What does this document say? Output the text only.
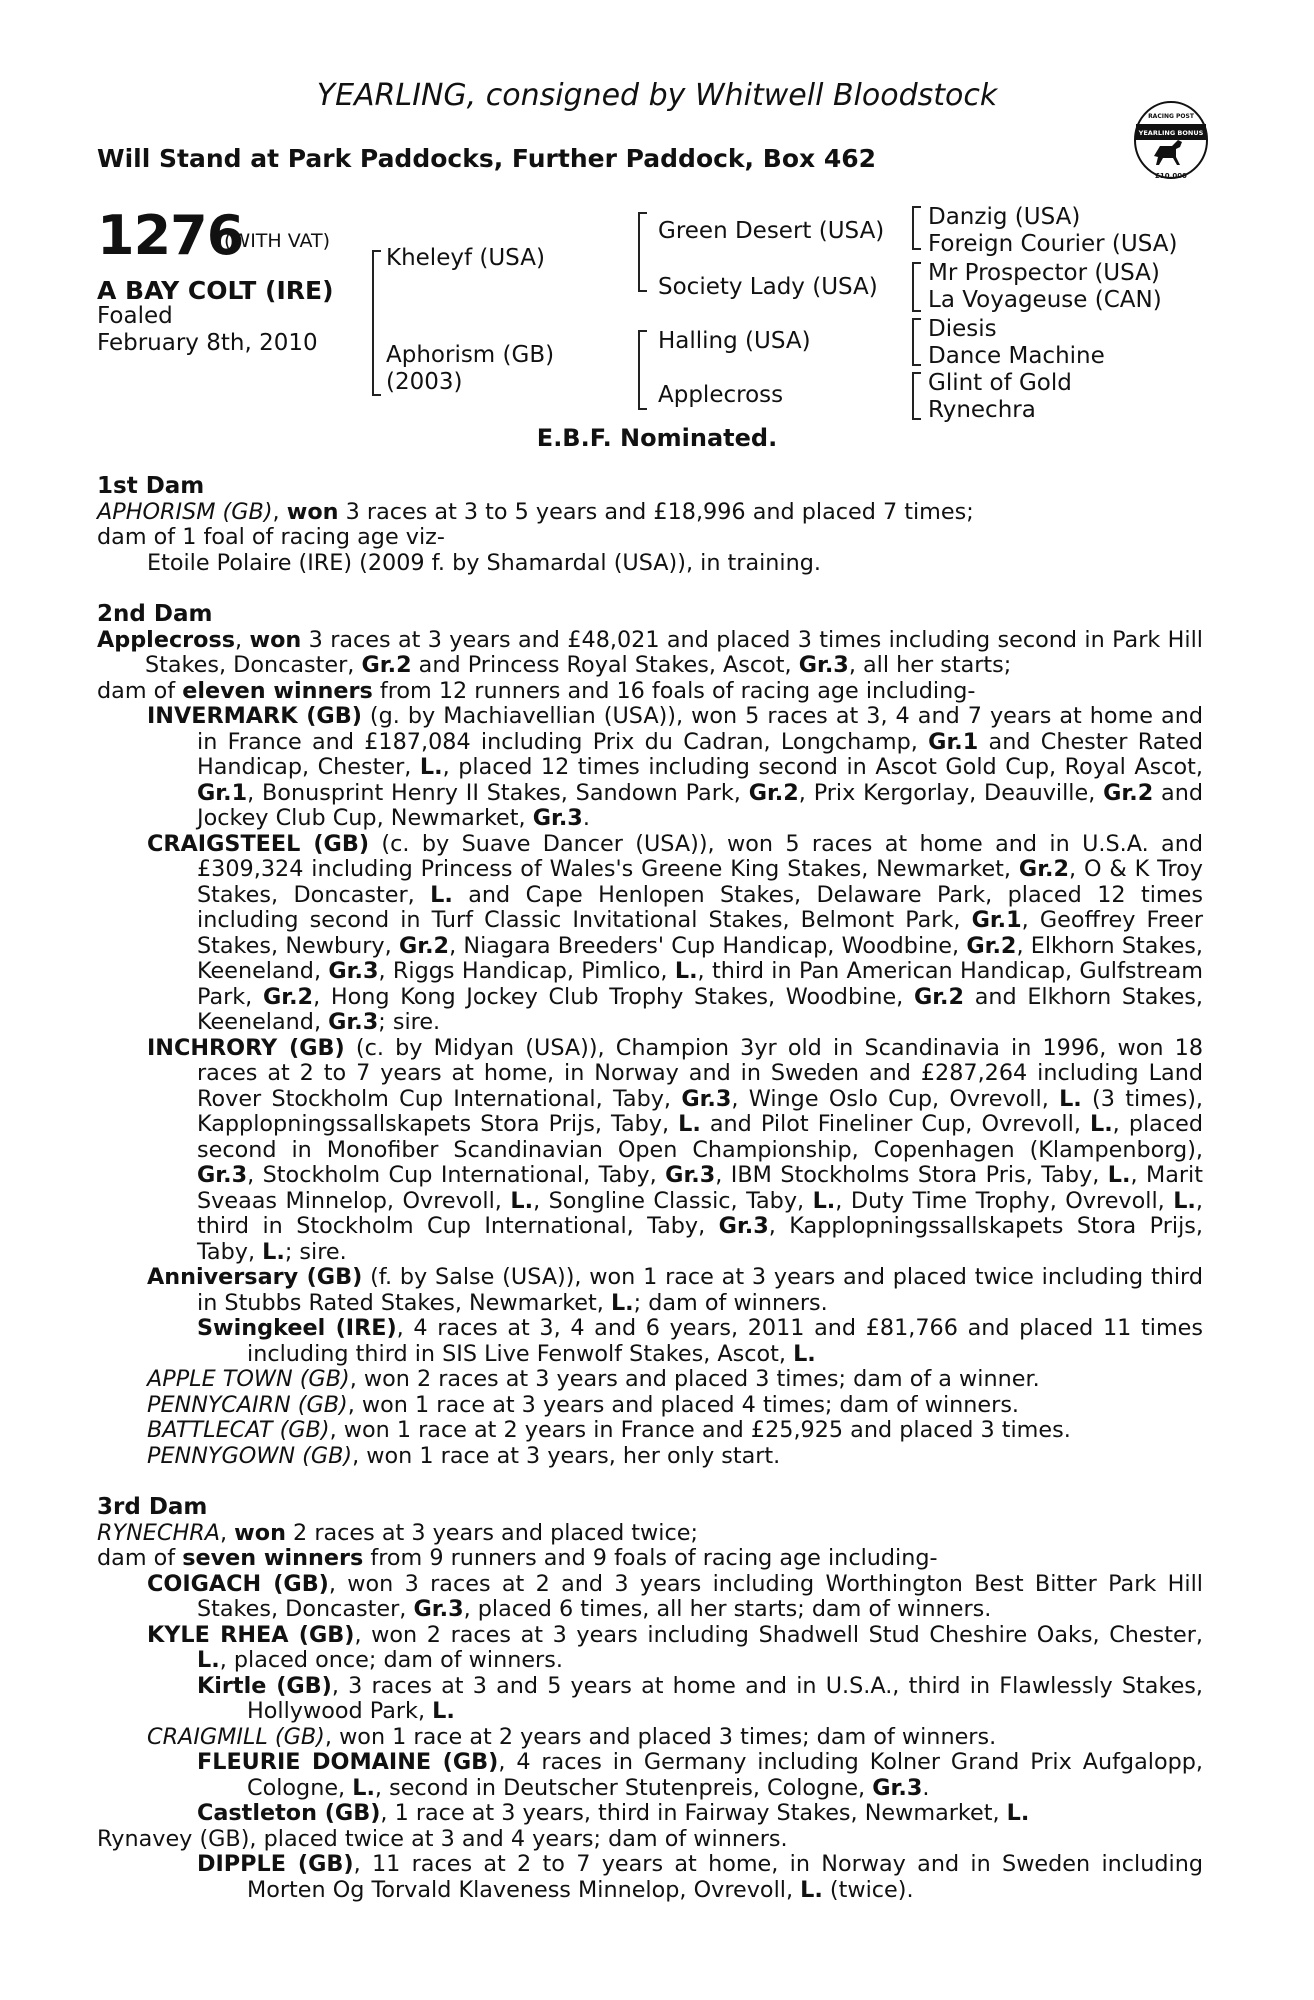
YEARLING, consigned by Whitwell Bloodstock
Will Stand at Park Paddocks, Further Paddock, Box 462
RACING POST
YEARLING BONUS
£10,000
1276
(WITH VAT)
A BAY COLT (IRE)
Foaled
February 8th, 2010
Kheleyf (USA)
Aphorism (GB)
(2003)
Green Desert (USA)
Society Lady (USA)
Halling (USA)
Applecross
Danzig (USA)
Foreign Courier (USA)
Mr Prospector (USA)
La Voyageuse (CAN)
Diesis
Dance Machine
Glint of Gold
Rynechra
E.B.F. Nominated.
1st Dam

APHORISM (GB), won 3 races at 3 to 5 years and £18,996 and placed 7 times;

dam of 1 foal of racing age viz-

Etoile Polaire (IRE) (2009 f. by Shamardal (USA)), in training.

2nd Dam

Applecross, won 3 races at 3 years and £48,021 and placed 3 times including second in Park Hill Stakes, Doncaster, Gr.2 and Princess Royal Stakes, Ascot, Gr.3, all her starts;

dam of eleven winners from 12 runners and 16 foals of racing age including-

INVERMARK (GB) (g. by Machiavellian (USA)), won 5 races at 3, 4 and 7 years at home and in France and £187,084 including Prix du Cadran, Longchamp, Gr.1 and Chester Rated Handicap, Chester, L., placed 12 times including second in Ascot Gold Cup, Royal Ascot, Gr.1, Bonusprint Henry II Stakes, Sandown Park, Gr.2, Prix Kergorlay, Deauville, Gr.2 and Jockey Club Cup, Newmarket, Gr.3.

CRAIGSTEEL (GB) (c. by Suave Dancer (USA)), won 5 races at home and in U.S.A. and £309,324 including Princess of Wales's Greene King Stakes, Newmarket, Gr.2, O & K Troy Stakes, Doncaster, L. and Cape Henlopen Stakes, Delaware Park, placed 12 times including second in Turf Classic Invitational Stakes, Belmont Park, Gr.1, Geoffrey Freer Stakes, Newbury, Gr.2, Niagara Breeders' Cup Handicap, Woodbine, Gr.2, Elkhorn Stakes, Keeneland, Gr.3, Riggs Handicap, Pimlico, L., third in Pan American Handicap, Gulfstream Park, Gr.2, Hong Kong Jockey Club Trophy Stakes, Woodbine, Gr.2 and Elkhorn Stakes, Keeneland, Gr.3; sire.

INCHRORY (GB) (c. by Midyan (USA)), Champion 3yr old in Scandinavia in 1996, won 18 races at 2 to 7 years at home, in Norway and in Sweden and £287,264 including Land Rover Stockholm Cup International, Taby, Gr.3, Winge Oslo Cup, Ovrevoll, L. (3 times), Kapplopningssallskapets Stora Prijs, Taby, L. and Pilot Fineliner Cup, Ovrevoll, L., placed second in Monofiber Scandinavian Open Championship, Copenhagen (Klampenborg), Gr.3, Stockholm Cup International, Taby, Gr.3, IBM Stockholms Stora Pris, Taby, L., Marit Sveaas Minnelop, Ovrevoll, L., Songline Classic, Taby, L., Duty Time Trophy, Ovrevoll, L., third in Stockholm Cup International, Taby, Gr.3, Kapplopningssallskapets Stora Prijs, Taby, L.; sire.

Anniversary (GB) (f. by Salse (USA)), won 1 race at 3 years and placed twice including third in Stubbs Rated Stakes, Newmarket, L.; dam of winners.

Swingkeel (IRE), 4 races at 3, 4 and 6 years, 2011 and £81,766 and placed 11 times including third in SIS Live Fenwolf Stakes, Ascot, L.

APPLE TOWN (GB), won 2 races at 3 years and placed 3 times; dam of a winner.

PENNYCAIRN (GB), won 1 race at 3 years and placed 4 times; dam of winners.

BATTLECAT (GB), won 1 race at 2 years in France and £25,925 and placed 3 times.

PENNYGOWN (GB), won 1 race at 3 years, her only start.

3rd Dam

RYNECHRA, won 2 races at 3 years and placed twice;

dam of seven winners from 9 runners and 9 foals of racing age including-

COIGACH (GB), won 3 races at 2 and 3 years including Worthington Best Bitter Park Hill Stakes, Doncaster, Gr.3, placed 6 times, all her starts; dam of winners.

KYLE RHEA (GB), won 2 races at 3 years including Shadwell Stud Cheshire Oaks, Chester, L., placed once; dam of winners.

Kirtle (GB), 3 races at 3 and 5 years at home and in U.S.A., third in Flawlessly Stakes, Hollywood Park, L.

CRAIGMILL (GB), won 1 race at 2 years and placed 3 times; dam of winners.

FLEURIE DOMAINE (GB), 4 races in Germany including Kolner Grand Prix Aufgalopp, Cologne, L., second in Deutscher Stutenpreis, Cologne, Gr.3.

Castleton (GB), 1 race at 3 years, third in Fairway Stakes, Newmarket, L.

Rynavey (GB), placed twice at 3 and 4 years; dam of winners.

DIPPLE (GB), 11 races at 2 to 7 years at home, in Norway and in Sweden including Morten Og Torvald Klaveness Minnelop, Ovrevoll, L. (twice).
